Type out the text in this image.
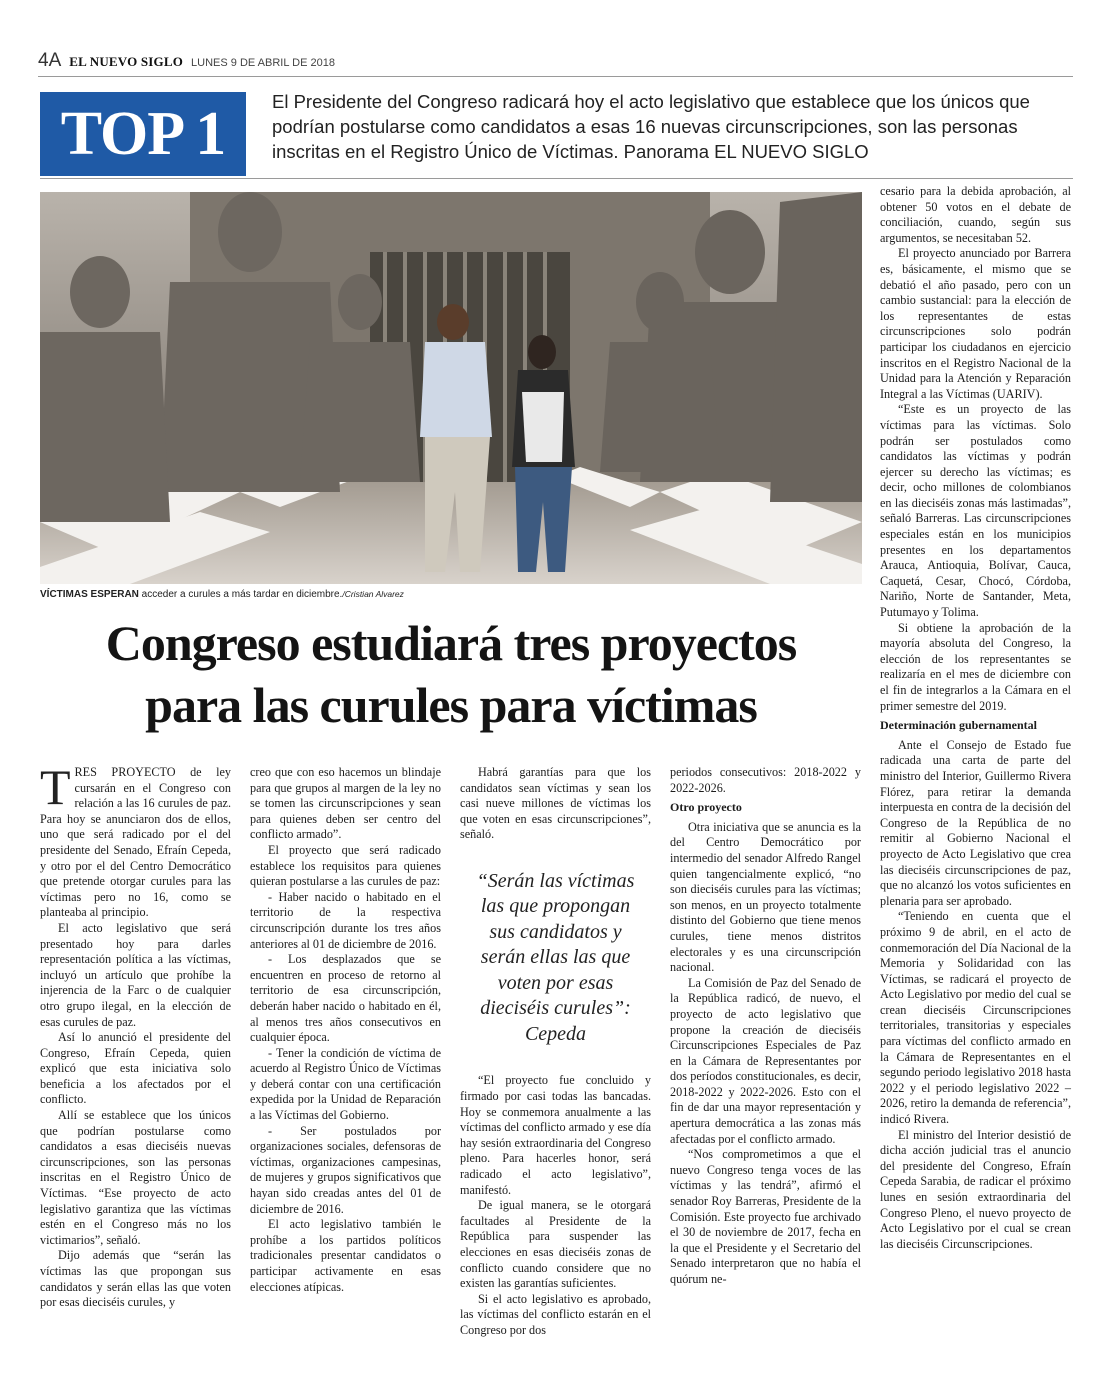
4A EL NUEVO SIGLO LUNES 9 DE ABRIL DE 2018
TOP 1	El Presidente del Congreso radicará hoy el acto legislativo que establece que los únicos que podrían postularse como candidatos a esas 16 nuevas circunscripciones, son las personas inscritas en el Registro Único de Víctimas. Panorama EL NUEVO SIGLO
VÍCTIMAS ESPERAN acceder a curules a más tardar en diciembre./Cristian Alvarez
Congreso estudiará tres proyectos
para las curules para víctimas

TRES PROYECTO de ley cursarán en el Congreso con relación a las 16 curules de paz. Para hoy se anunciaron dos de ellos, uno que será radicado por el del presidente del Senado, Efraín Cepeda, y otro por el del Centro Democrático que pretende otorgar curules para las víctimas pero no 16, como se planteaba al principio.

El acto legislativo que será presentado hoy para darles representación política a las víctimas, incluyó un artículo que prohíbe la injerencia de la Farc o de cualquier otro grupo ilegal, en la elección de esas curules de paz.

Así lo anunció el presidente del Congreso, Efraín Cepeda, quien explicó que esta iniciativa solo beneficia a los afectados por el conflicto.

Allí se establece que los únicos que podrían postularse como candidatos a esas dieciséis nuevas circunscripciones, son las personas inscritas en el Registro Único de Víctimas. “Ese proyecto de acto legislativo garantiza que las víctimas estén en el Congreso más no los victimarios”, señaló.

Dijo además que “serán las víctimas las que propongan sus candidatos y serán ellas las que voten por esas dieciséis curules, y

creo que con eso hacemos un blindaje para que grupos al margen de la ley no se tomen las circunscripciones y sean para quienes deben ser centro del conflicto armado”.

El proyecto que será radicado establece los requisitos para quienes quieran postularse a las curules de paz:

- Haber nacido o habitado en el territorio de la respectiva circunscripción durante los tres años anteriores al 01 de diciembre de 2016.

- Los desplazados que se encuentren en proceso de retorno al territorio de esa circunscripción, deberán haber nacido o habitado en él, al menos tres años consecutivos en cualquier época.

- Tener la condición de víctima de acuerdo al Registro Único de Víctimas y deberá contar con una certificación expedida por la Unidad de Reparación a las Víctimas del Gobierno.

- Ser postulados por organizaciones sociales, defensoras de víctimas, organizaciones campesinas, de mujeres y grupos significativos que hayan sido creadas antes del 01 de diciembre de 2016.

El acto legislativo también le prohíbe a los partidos políticos tradicionales presentar candidatos o participar activamente en esas elecciones atípicas.

Habrá garantías para que los candidatos sean víctimas y sean los casi nueve millones de víctimas los que voten en esas circunscripciones”, señaló.

“Serán las víctimas las que propongan sus candidatos y serán ellas las que voten por esas dieciséis curules”: Cepeda

“El proyecto fue concluido y firmado por casi todas las bancadas. Hoy se conmemora anualmente a las víctimas del conflicto armado y ese día hay sesión extraordinaria del Congreso pleno. Para hacerles honor, será radicado el acto legislativo”, manifestó.

De igual manera, se le otorgará facultades al Presidente de la República para suspender las elecciones en esas dieciséis zonas de conflicto cuando considere que no existen las garantías suficientes.

Si el acto legislativo es aprobado, las víctimas del conflicto estarán en el Congreso por dos

periodos consecutivos: 2018-2022 y 2022-2026.

Otro proyecto

Otra iniciativa que se anuncia es la del Centro Democrático por intermedio del senador Alfredo Rangel quien tangencialmente explicó, “no son dieciséis curules para las víctimas; son menos, en un proyecto totalmente distinto del Gobierno que tiene menos curules, tiene menos distritos electorales y es una circunscripción nacional.

La Comisión de Paz del Senado de la República radicó, de nuevo, el proyecto de acto legislativo que propone la creación de dieciséis Circunscripciones Especiales de Paz en la Cámara de Representantes por dos períodos constitucionales, es decir, 2018-2022 y 2022-2026. Esto con el fin de dar una mayor representación y apertura democrática a las zonas más afectadas por el conflicto armado.

“Nos comprometimos a que el nuevo Congreso tenga voces de las víctimas y las tendrá”, afirmó el senador Roy Barreras, Presidente de la Comisión. Este proyecto fue archivado el 30 de noviembre de 2017, fecha en la que el Presidente y el Secretario del Senado interpretaron que no había el quórum ne-

cesario para la debida aprobación, al obtener 50 votos en el debate de conciliación, cuando, según sus argumentos, se necesitaban 52.

El proyecto anunciado por Barrera es, básicamente, el mismo que se debatió el año pasado, pero con un cambio sustancial: para la elección de los representantes de estas circunscripciones solo podrán participar los ciudadanos en ejercicio inscritos en el Registro Nacional de la Unidad para la Atención y Reparación Integral a las Víctimas (UARIV).

“Este es un proyecto de las víctimas para las víctimas. Solo podrán ser postulados como candidatos las víctimas y podrán ejercer su derecho las víctimas; es decir, ocho millones de colombianos en las dieciséis zonas más lastimadas”, señaló Barreras. Las circunscripciones especiales están en los municipios presentes en los departamentos Arauca, Antioquia, Bolívar, Cauca, Caquetá, Cesar, Chocó, Córdoba, Nariño, Norte de Santander, Meta, Putumayo y Tolima.

Si obtiene la aprobación de la mayoría absoluta del Congreso, la elección de los representantes se realizaría en el mes de diciembre con el fin de integrarlos a la Cámara en el primer semestre del 2019.

Determinación gubernamental

Ante el Consejo de Estado fue radicada una carta de parte del ministro del Interior, Guillermo Rivera Flórez, para retirar la demanda interpuesta en contra de la decisión del Congreso de la República de no remitir al Gobierno Nacional el proyecto de Acto Legislativo que crea las dieciséis circunscripciones de paz, que no alcanzó los votos suficientes en plenaria para ser aprobado.

“Teniendo en cuenta que el próximo 9 de abril, en el acto de conmemoración del Día Nacional de la Memoria y Solidaridad con las Víctimas, se radicará el proyecto de Acto Legislativo por medio del cual se crean dieciséis Circunscripciones territoriales, transitorias y especiales para víctimas del conflicto armado en la Cámara de Representantes en el segundo periodo legislativo 2018 hasta 2022 y el periodo legislativo 2022 – 2026, retiro la demanda de referencia”, indicó Rivera.

El ministro del Interior desistió de dicha acción judicial tras el anuncio del presidente del Congreso, Efraín Cepeda Sarabia, de radicar el próximo lunes en sesión extraordinaria del Congreso Pleno, el nuevo proyecto de Acto Legislativo por el cual se crean las dieciséis Circunscripciones.
